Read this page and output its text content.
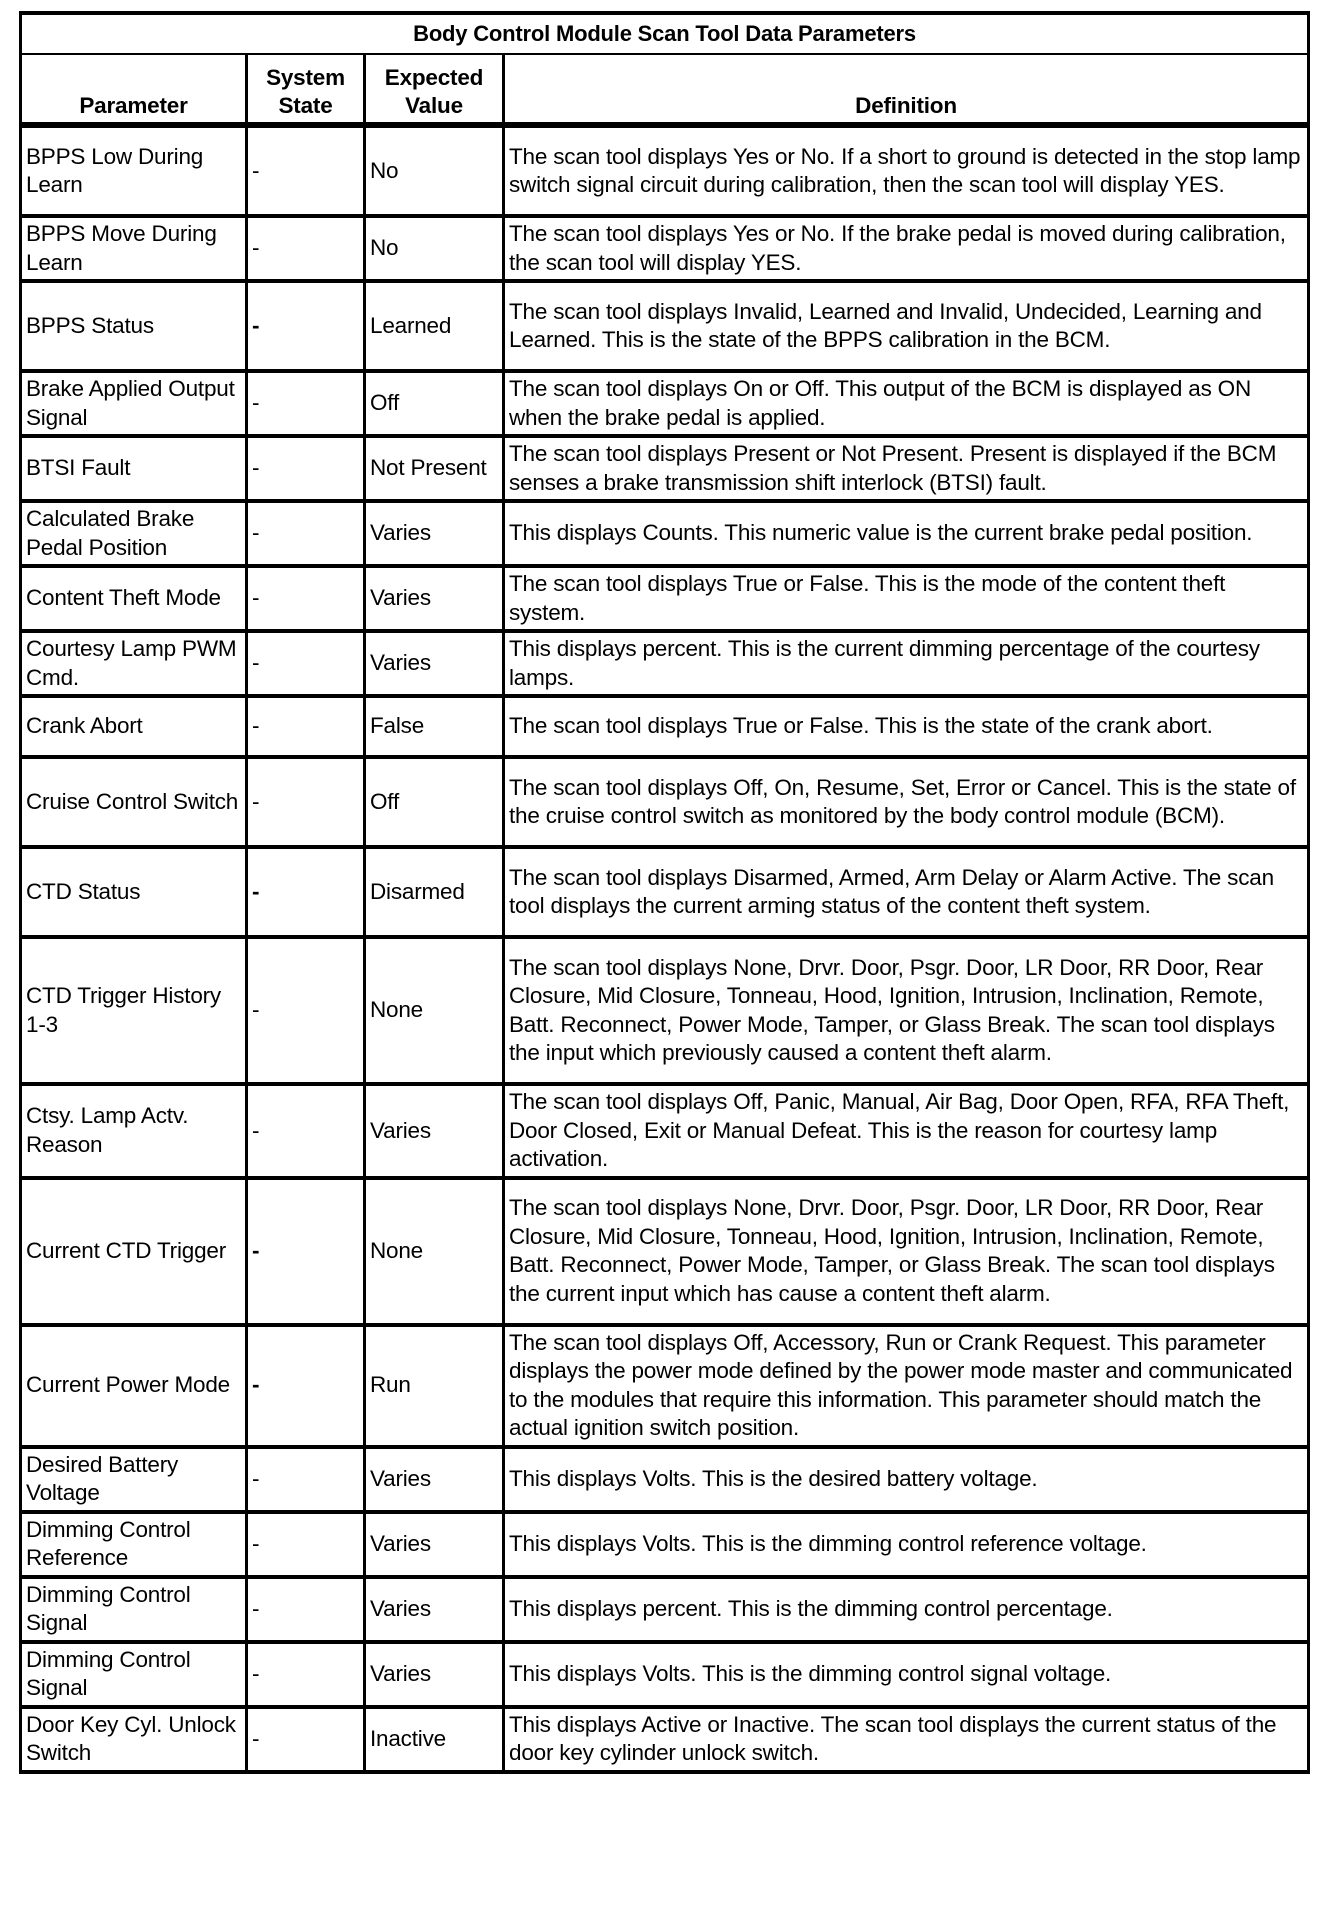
Body Control Module Scan Tool Data Parameters			
Parameter	System State	Expected Value	Definition
BPPS Low During Learn	-	No	The scan tool displays Yes or No. If a short to ground is detected in the stop lamp switch signal circuit during calibration, then the scan tool will display YES.
BPPS Move During Learn	-	No	The scan tool displays Yes or No. If the brake pedal is moved during calibration, the scan tool will display YES.
BPPS Status	-	Learned	The scan tool displays Invalid, Learned and Invalid, Undecided, Learning and Learned. This is the state of the BPPS calibration in the BCM.
Brake Applied Output Signal	-	Off	The scan tool displays On or Off. This output of the BCM is displayed as ON when the brake pedal is applied.
BTSI Fault	-	Not Present	The scan tool displays Present or Not Present. Present is displayed if the BCM senses a brake transmission shift interlock (BTSI) fault.
Calculated Brake Pedal Position	-	Varies	This displays Counts. This numeric value is the current brake pedal position.
Content Theft Mode	-	Varies	The scan tool displays True or False. This is the mode of the content theft system.
Courtesy Lamp PWM Cmd.	-	Varies	This displays percent. This is the current dimming percentage of the courtesy lamps.
Crank Abort	-	False	The scan tool displays True or False. This is the state of the crank abort.
Cruise Control Switch	-	Off	The scan tool displays Off, On, Resume, Set, Error or Cancel. This is the state of the cruise control switch as monitored by the body control module (BCM).
CTD Status	-	Disarmed	The scan tool displays Disarmed, Armed, Arm Delay or Alarm Active. The scan tool displays the current arming status of the content theft system.
CTD Trigger History 1-3	-	None	The scan tool displays None, Drvr. Door, Psgr. Door, LR Door, RR Door, Rear Closure, Mid Closure, Tonneau, Hood, Ignition, Intrusion, Inclination, Remote, Batt. Reconnect, Power Mode, Tamper, or Glass Break. The scan tool displays the input which previously caused a content theft alarm.
Ctsy. Lamp Actv. Reason	-	Varies	The scan tool displays Off, Panic, Manual, Air Bag, Door Open, RFA, RFA Theft, Door Closed, Exit or Manual Defeat. This is the reason for courtesy lamp activation.
Current CTD Trigger	-	None	The scan tool displays None, Drvr. Door, Psgr. Door, LR Door, RR Door, Rear Closure, Mid Closure, Tonneau, Hood, Ignition, Intrusion, Inclination, Remote, Batt. Reconnect, Power Mode, Tamper, or Glass Break. The scan tool displays the current input which has cause a content theft alarm.
Current Power Mode	-	Run	The scan tool displays Off, Accessory, Run or Crank Request. This parameter displays the power mode defined by the power mode master and communicated to the modules that require this information. This parameter should match the actual ignition switch position.
Desired Battery Voltage	-	Varies	This displays Volts. This is the desired battery voltage.
Dimming Control Reference	-	Varies	This displays Volts. This is the dimming control reference voltage.
Dimming Control Signal	-	Varies	This displays percent. This is the dimming control percentage.
Dimming Control Signal	-	Varies	This displays Volts. This is the dimming control signal voltage.
Door Key Cyl. Unlock Switch	-	Inactive	This displays Active or Inactive. The scan tool displays the current status of the door key cylinder unlock switch.
